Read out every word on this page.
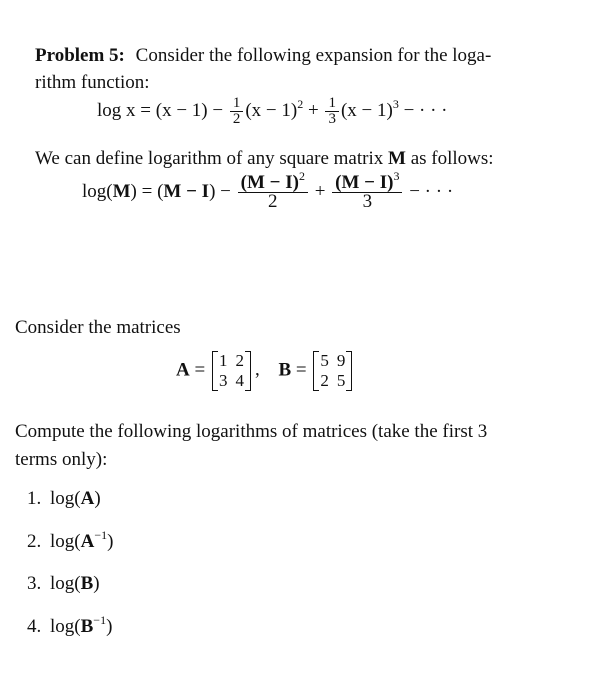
Problem 5: Consider the following expansion for the loga-
rithm function:
$\log x = (x - 1) - \frac{1}{2} (x - 1)^2 + \frac{1}{3} (x - 1)^3$ − · · ·
We can define logarithm of any square matrix M as follows:
$\log(M) = (M - I) - \frac{(M - I)^2}{2} + \frac{(M - I)^3}{3}$ − · · ·
Consider the matrices
A = 1 2
3 4
, B = 5 9
2 5
Compute the following logarithms of matrices (take the first 3
terms only):
1. log(A)
2. $\log(A^{-1})$
3. log(B)
4. $\log(B^{-1})$
